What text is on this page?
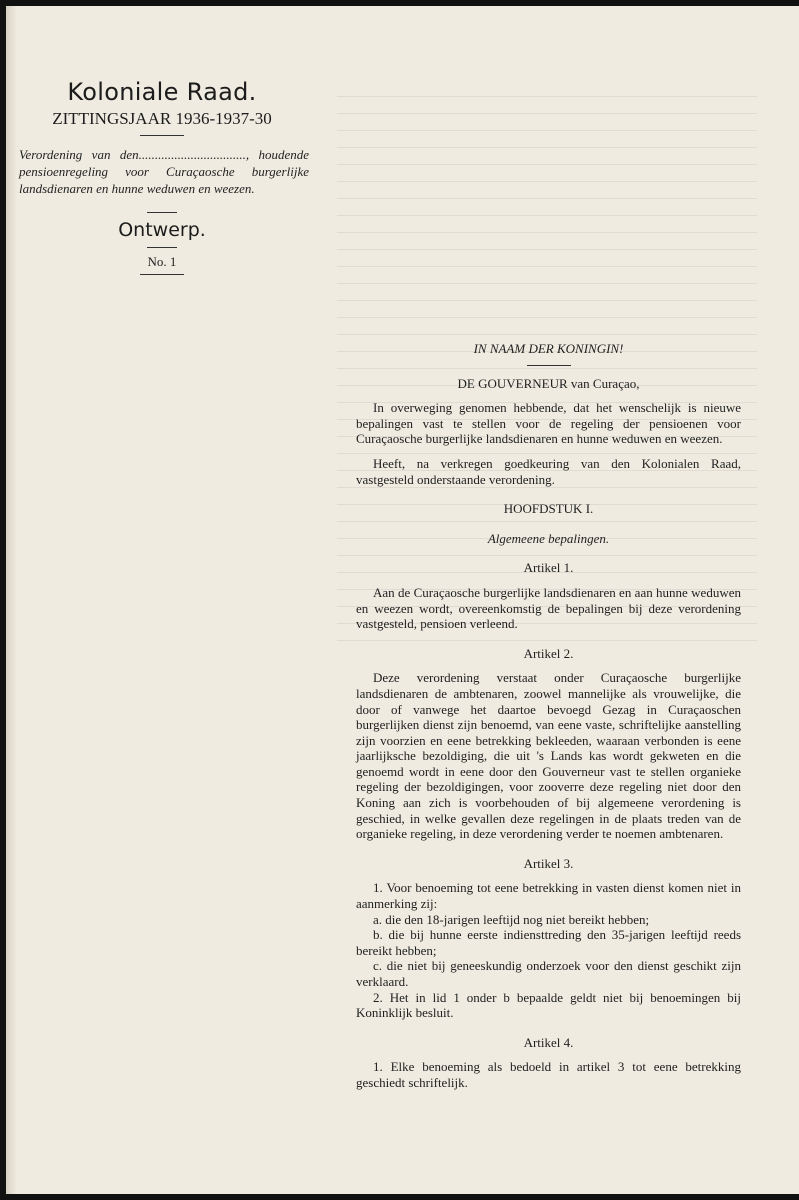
Koloniale Raad.
ZITTINGSJAAR 1936-1937-30
Verordening van den................................., houdende pensioenregeling voor Curaçaosche burgerlijke landsdienaren en hunne weduwen en weezen.
Ontwerp.
No. 1
IN NAAM DER KONINGIN!
DE GOUVERNEUR van Curaçao,

In overweging genomen hebbende, dat het wenschelijk is nieuwe bepalingen vast te stellen voor de regeling der pensioenen voor Curaçaosche burgerlijke landsdienaren en hunne weduwen en weezen.

Heeft, na verkregen goedkeuring van den Kolonialen Raad, vastgesteld onderstaande verordening.

HOOFDSTUK I.
Algemeene bepalingen.
Artikel 1.

Aan de Curaçaosche burgerlijke landsdienaren en aan hunne weduwen en weezen wordt, overeenkomstig de bepalingen bij deze verordening vastgesteld, pensioen verleend.

Artikel 2.

Deze verordening verstaat onder Curaçaosche burgerlijke landsdienaren de ambtenaren, zoowel mannelijke als vrouwelijke, die door of vanwege het daartoe bevoegd Gezag in Curaçaoschen burgerlijken dienst zijn benoemd, van eene vaste, schriftelijke aanstelling zijn voorzien en eene betrekking bekleeden, waaraan verbonden is eene jaarlijksche bezoldiging, die uit 's Lands kas wordt gekweten en die genoemd wordt in eene door den Gouverneur vast te stellen organieke regeling der bezoldigingen, voor zooverre deze regeling niet door den Koning aan zich is voorbehouden of bij algemeene verordening is geschied, in welke gevallen deze regelingen in de plaats treden van de organieke regeling, in deze verordening verder te noemen ambtenaren.

Artikel 3.

1. Voor benoeming tot eene betrekking in vasten dienst komen niet in aanmerking zij:

a. die den 18-jarigen leeftijd nog niet bereikt hebben;

b. die bij hunne eerste indiensttreding den 35-jarigen leeftijd reeds bereikt hebben;

c. die niet bij geneeskundig onderzoek voor den dienst geschikt zijn verklaard.

2. Het in lid 1 onder b bepaalde geldt niet bij benoemingen bij Koninklijk besluit.

Artikel 4.

1. Elke benoeming als bedoeld in artikel 3 tot eene betrekking geschiedt schriftelijk.
